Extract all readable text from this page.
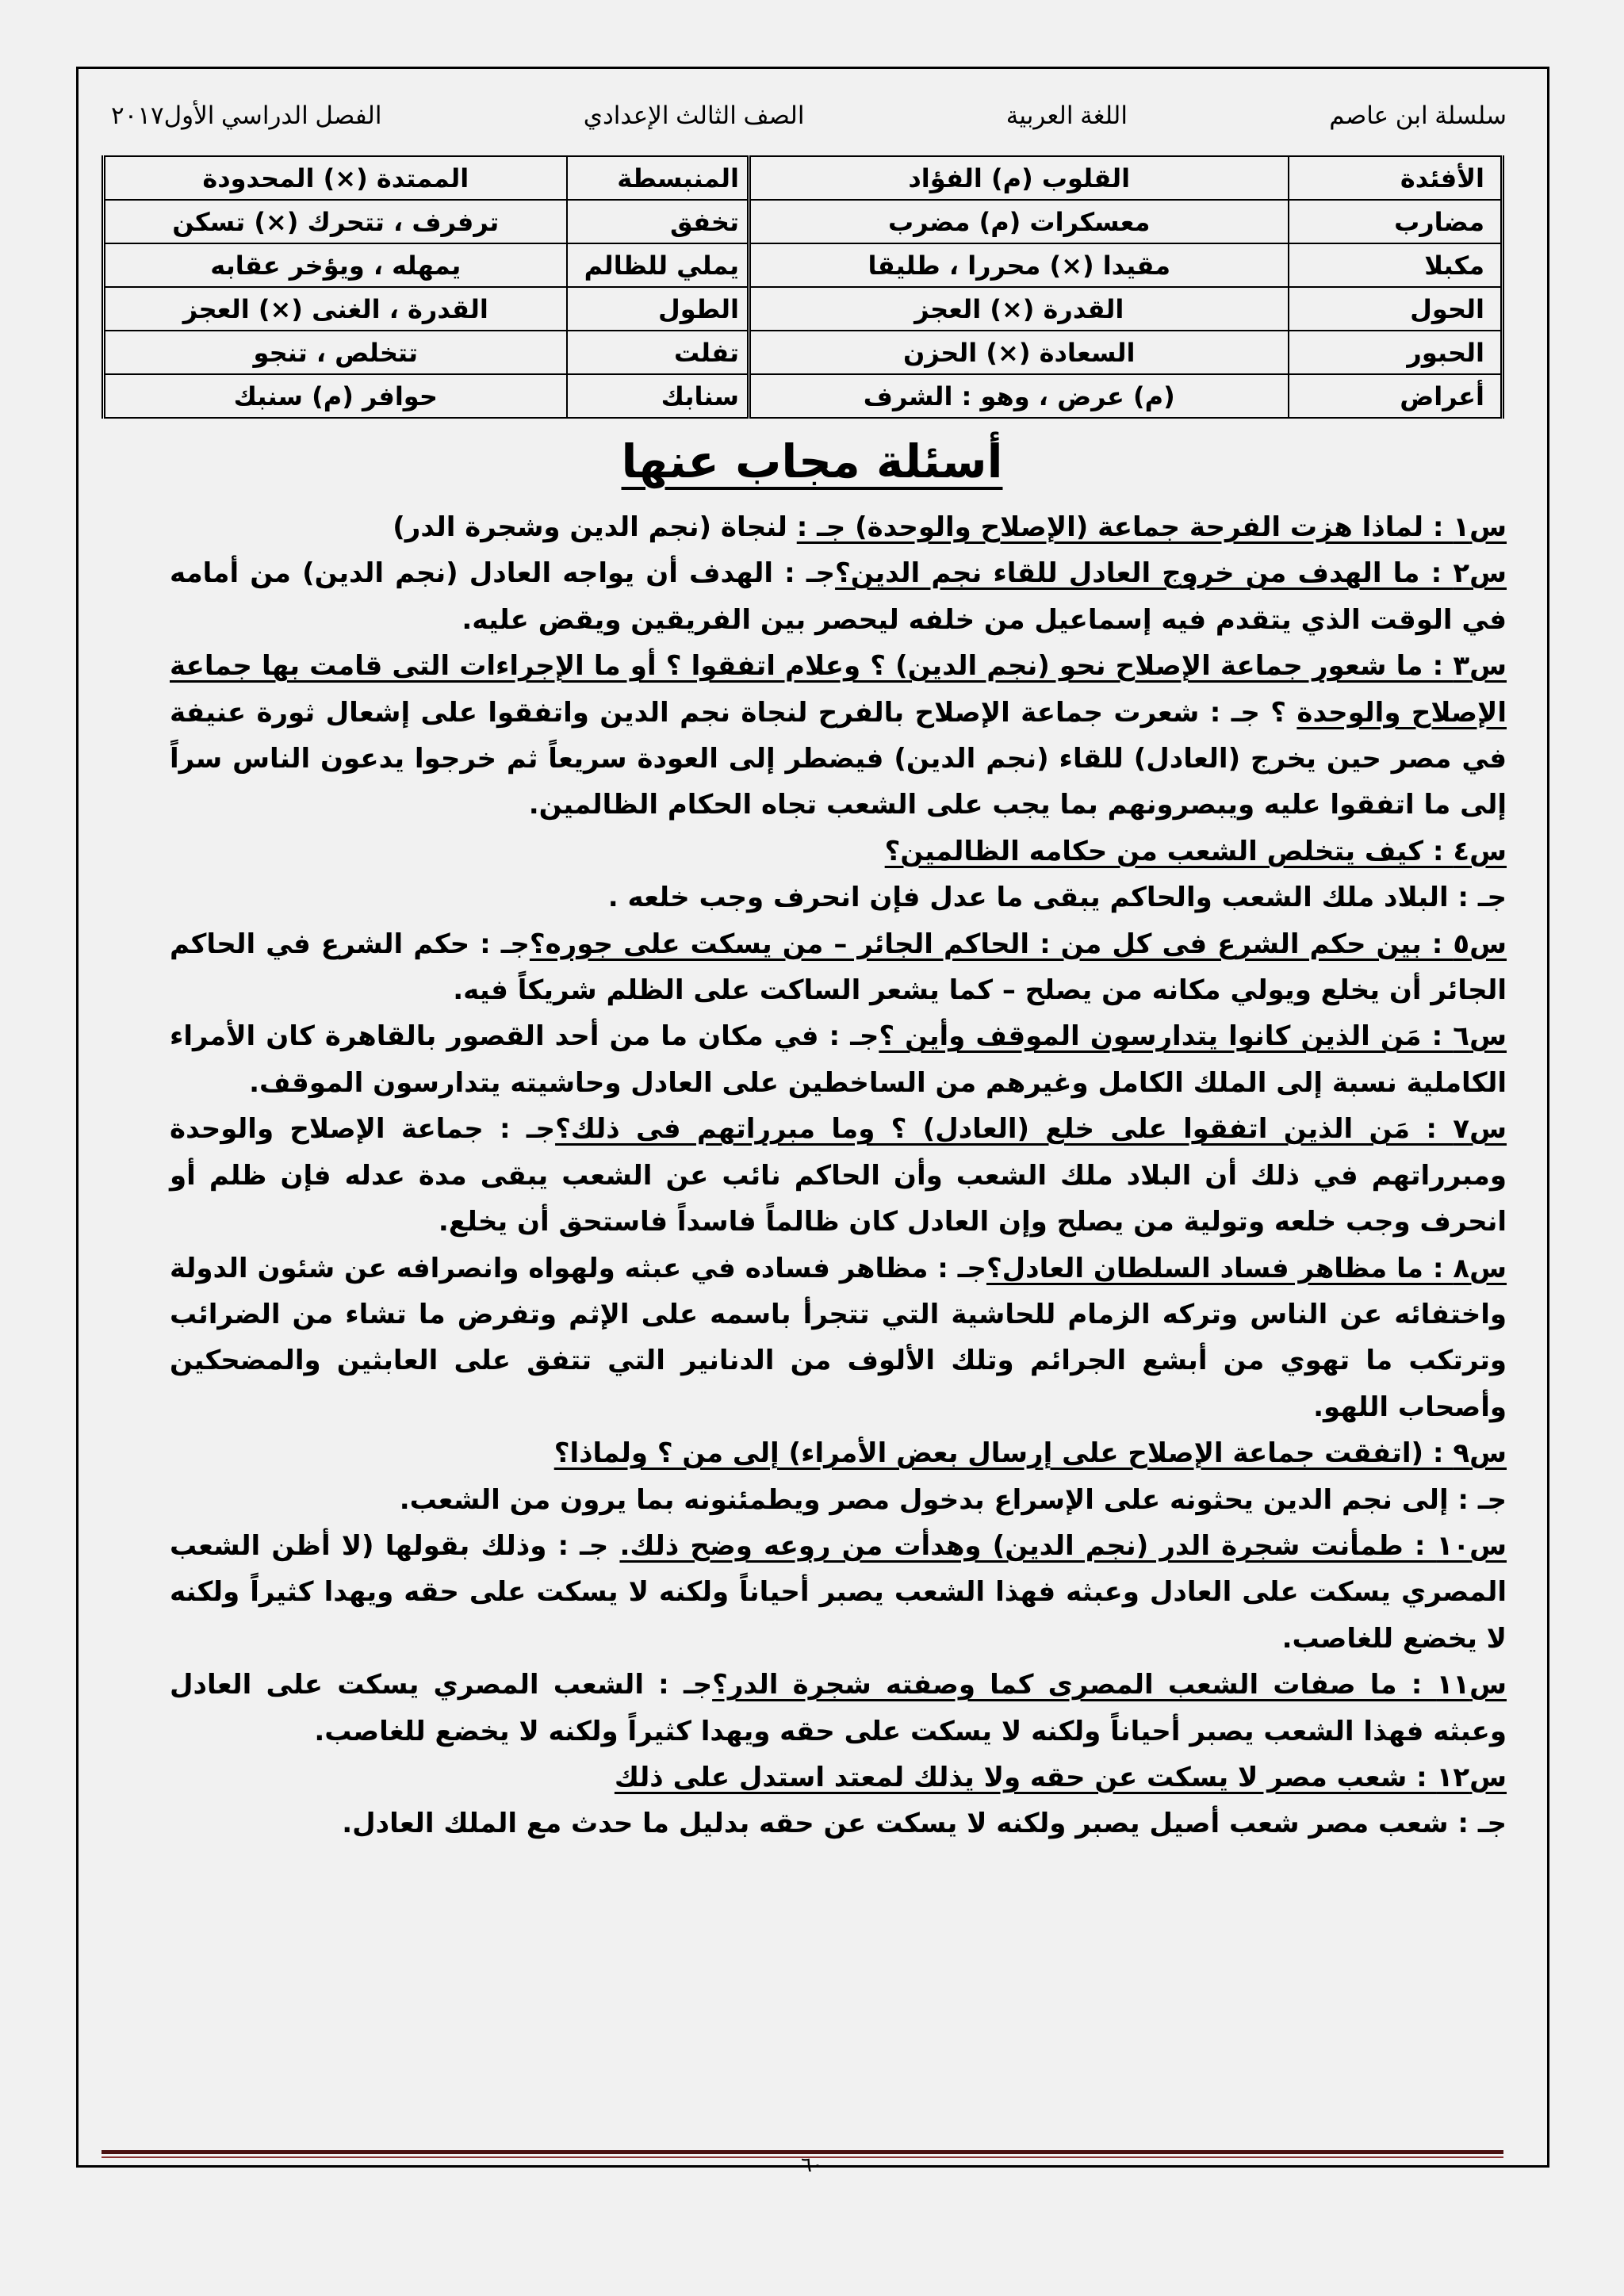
سلسلة ابن عاصم
اللغة العربية
الصف الثالث الإعدادي
الفصل الدراسي الأول٢٠١٧
الأفئدة	القلوب (م) الفؤاد	المنبسطة	الممتدة (×) المحدودة
مضارب	معسكرات (م) مضرب	تخفق	ترفرف ، تتحرك (×) تسكن
مكبلا	مقيدا (×) محررا ، طليقا	يملي للظالم	يمهله ، ويؤخر عقابه
الحول	القدرة (×) العجز	الطول	القدرة ، الغنى (×) العجز
الحبور	السعادة (×) الحزن	تفلت	تتخلص ، تنجو
أعراض	(م) عرض ، وهو : الشرف	سنابك	حوافر (م) سنبك
أسئلة مجاب عنها

س١ : لماذا هزت الفرحة جماعة (الإصلاح والوحدة) جـ : لنجاة (نجم الدين وشجرة الدر)

س٢ : ما الهدف من خروج العادل للقاء نجم الدين؟جـ : الهدف أن يواجه العادل (نجم الدين) من أمامه في الوقت الذي يتقدم فيه إسماعيل من خلفه ليحصر بين الفريقين ويقض عليه.

س٣ : ما شعور جماعة الإصلاح نحو (نجم الدين) ؟ وعلام اتفقوا ؟ أو ما الإجراءات التى قامت بها جماعة الإصلاح والوحدة ؟ جـ : شعرت جماعة الإصلاح بالفرح لنجاة نجم الدين واتفقوا على إشعال ثورة عنيفة في مصر حين يخرج (العادل) للقاء (نجم الدين) فيضطر إلى العودة سريعاً ثم خرجوا يدعون الناس سراً إلى ما اتفقوا عليه ويبصرونهم بما يجب على الشعب تجاه الحكام الظالمين.

س٤ : كيف يتخلص الشعب من حكامه الظالمين؟

جـ : البلاد ملك الشعب والحاكم يبقى ما عدل فإن انحرف وجب خلعه .

س٥ : بين حكم الشرع فى كل من : الحاكم الجائر – من يسكت على جوره؟جـ : حكم الشرع في الحاكم الجائر أن يخلع ويولي مكانه من يصلح – كما يشعر الساكت على الظلم شريكاً فيه.

س٦ : مَن الذين كانوا يتدارسون الموقف وأين ؟جـ : في مكان ما من أحد القصور بالقاهرة كان الأمراء الكاملية نسبة إلى الملك الكامل وغيرهم من الساخطين على العادل وحاشيته يتدارسون الموقف.

س٧ : مَن الذين اتفقوا على خلع (العادل) ؟ وما مبرراتهم فى ذلك؟جـ : جماعة الإصلاح والوحدة ومبرراتهم في ذلك أن البلاد ملك الشعب وأن الحاكم نائب عن الشعب يبقى مدة عدله فإن ظلم أو انحرف وجب خلعه وتولية من يصلح وإن العادل كان ظالماً فاسداً فاستحق أن يخلع.

س٨ : ما مظاهر فساد السلطان العادل؟جـ : مظاهر فساده في عبثه ولهواه وانصرافه عن شئون الدولة واختفائه عن الناس وتركه الزمام للحاشية التي تتجرأ باسمه على الإثم وتفرض ما تشاء من الضرائب وترتكب ما تهوي من أبشع الجرائم وتلك الألوف من الدنانير التي تتفق على العابثين والمضحكين وأصحاب اللهو.

س٩ : (اتفقت جماعة الإصلاح على إرسال بعض الأمراء) إلى من ؟ ولماذا؟

جـ : إلى نجم الدين يحثونه على الإسراع بدخول مصر ويطمئنونه بما يرون من الشعب.

س١٠ : طمأنت شجرة الدر (نجم الدين) وهدأت من روعه وضح ذلك. جـ : وذلك بقولها (لا أظن الشعب المصري يسكت على العادل وعبثه فهذا الشعب يصبر أحياناً ولكنه لا يسكت على حقه ويهدا كثيراً ولكنه لا يخضع للغاصب.

س١١ : ما صفات الشعب المصرى كما وصفته شجرة الدر؟جـ : الشعب المصري يسكت على العادل وعبثه فهذا الشعب يصبر أحياناً ولكنه لا يسكت على حقه ويهدا كثيراً ولكنه لا يخضع للغاصب.

س١٢ : شعب مصر لا يسكت عن حقه ولا يذلك لمعتد استدل على ذلك

جـ : شعب مصر شعب أصيل يصبر ولكنه لا يسكت عن حقه بدليل ما حدث مع الملك العادل.

٦٠
